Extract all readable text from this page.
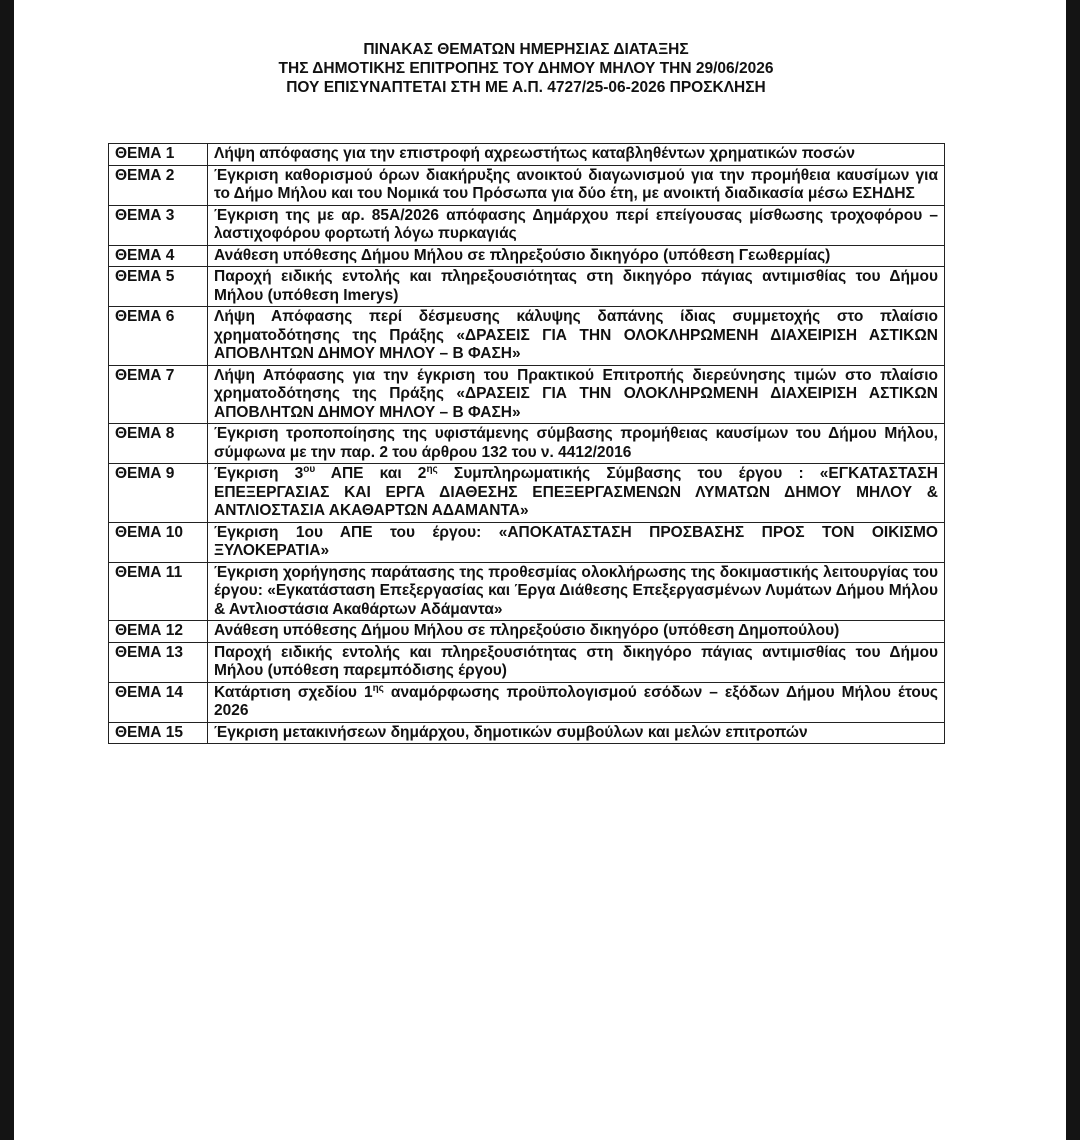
ΠΙΝΑΚΑΣ ΘΕΜΑΤΩΝ ΗΜΕΡΗΣΙΑΣ ΔΙΑΤΑΞΗΣ
ΤΗΣ ΔΗΜΟΤΙΚΗΣ ΕΠΙΤΡΟΠΗΣ ΤΟΥ ΔΗΜΟΥ ΜΗΛΟΥ ΤΗΝ 29/06/2026
ΠΟΥ ΕΠΙΣΥΝΑΠΤΕΤΑΙ ΣΤΗ ΜΕ Α.Π. 4727/25-06-2026 ΠΡΟΣΚΛΗΣΗ
ΘΕΜΑ 1	Λήψη απόφασης για την επιστροφή αχρεωστήτως καταβληθέντων χρηματικών ποσών
ΘΕΜΑ 2	Έγκριση καθορισμού όρων διακήρυξης ανοικτού διαγωνισμού για την προμήθεια καυσίμων για το Δήμο Μήλου και του Νομικά του Πρόσωπα για δύο έτη, με ανοικτή διαδικασία μέσω ΕΣΗΔΗΣ
ΘΕΜΑ 3	Έγκριση της με αρ. 85Α/2026 απόφασης Δημάρχου περί επείγουσας μίσθωσης τροχοφόρου – λαστιχοφόρου φορτωτή λόγω πυρκαγιάς
ΘΕΜΑ 4	Ανάθεση υπόθεσης Δήμου Μήλου σε πληρεξούσιο δικηγόρο (υπόθεση Γεωθερμίας)
ΘΕΜΑ 5	Παροχή ειδικής εντολής και πληρεξουσιότητας στη δικηγόρο πάγιας αντιμισθίας του Δήμου Μήλου (υπόθεση Imerys)
ΘΕΜΑ 6	Λήψη Απόφασης περί δέσμευσης κάλυψης δαπάνης ίδιας συμμετοχής στο πλαίσιο χρηματοδότησης της Πράξης «ΔΡΑΣΕΙΣ ΓΙΑ ΤΗΝ ΟΛΟΚΛΗΡΩΜΕΝΗ ΔΙΑΧΕΙΡΙΣΗ ΑΣΤΙΚΩΝ ΑΠΟΒΛΗΤΩΝ ΔΗΜΟΥ ΜΗΛΟΥ – Β ΦΑΣΗ»
ΘΕΜΑ 7	Λήψη Απόφασης για την έγκριση του Πρακτικού Επιτροπής διερεύνησης τιμών στο πλαίσιο χρηματοδότησης της Πράξης «ΔΡΑΣΕΙΣ ΓΙΑ ΤΗΝ ΟΛΟΚΛΗΡΩΜΕΝΗ ΔΙΑΧΕΙΡΙΣΗ ΑΣΤΙΚΩΝ ΑΠΟΒΛΗΤΩΝ ΔΗΜΟΥ ΜΗΛΟΥ – Β ΦΑΣΗ»
ΘΕΜΑ 8	Έγκριση τροποποίησης της υφιστάμενης σύμβασης προμήθειας καυσίμων του Δήμου Μήλου, σύμφωνα με την παρ. 2 του άρθρου 132 του ν. 4412/2016
ΘΕΜΑ 9	Έγκριση $3^{o\upsilon}$ ΑΠΕ και $2^{\eta\varsigma}$ Συμπληρωματικής Σύμβασης του έργου : «ΕΓΚΑΤΑΣΤΑΣΗ ΕΠΕΞΕΡΓΑΣΙΑΣ ΚΑΙ ΕΡΓΑ ΔΙΑΘΕΣΗΣ ΕΠΕΞΕΡΓΑΣΜΕΝΩΝ ΛΥΜΑΤΩΝ ΔΗΜΟΥ ΜΗΛΟΥ & ΑΝΤΛΙΟΣΤΑΣΙΑ ΑΚΑΘΑΡΤΩΝ ΑΔΑΜΑΝΤΑ»
ΘΕΜΑ 10	Έγκριση 1ου ΑΠΕ του έργου: «ΑΠΟΚΑΤΑΣΤΑΣΗ ΠΡΟΣΒΑΣΗΣ ΠΡΟΣ ΤΟΝ ΟΙΚΙΣΜΟ ΞΥΛΟΚΕΡΑΤΙΑ»
ΘΕΜΑ 11	Έγκριση χορήγησης παράτασης της προθεσμίας ολοκλήρωσης της δοκιμαστικής λειτουργίας του έργου: «Εγκατάσταση Επεξεργασίας και Έργα Διάθεσης Επεξεργασμένων Λυμάτων Δήμου Μήλου & Αντλιοστάσια Ακαθάρτων Αδάμαντα»
ΘΕΜΑ 12	Ανάθεση υπόθεσης Δήμου Μήλου σε πληρεξούσιο δικηγόρο (υπόθεση Δημοπούλου)
ΘΕΜΑ 13	Παροχή ειδικής εντολής και πληρεξουσιότητας στη δικηγόρο πάγιας αντιμισθίας του Δήμου Μήλου (υπόθεση παρεμπόδισης έργου)
ΘΕΜΑ 14	Κατάρτιση σχεδίου $1^{\eta\varsigma}$ αναμόρφωσης προϋπολογισμού εσόδων – εξόδων Δήμου Μήλου έτους 2026
ΘΕΜΑ 15	Έγκριση μετακινήσεων δημάρχου, δημοτικών συμβούλων και μελών επιτροπών
